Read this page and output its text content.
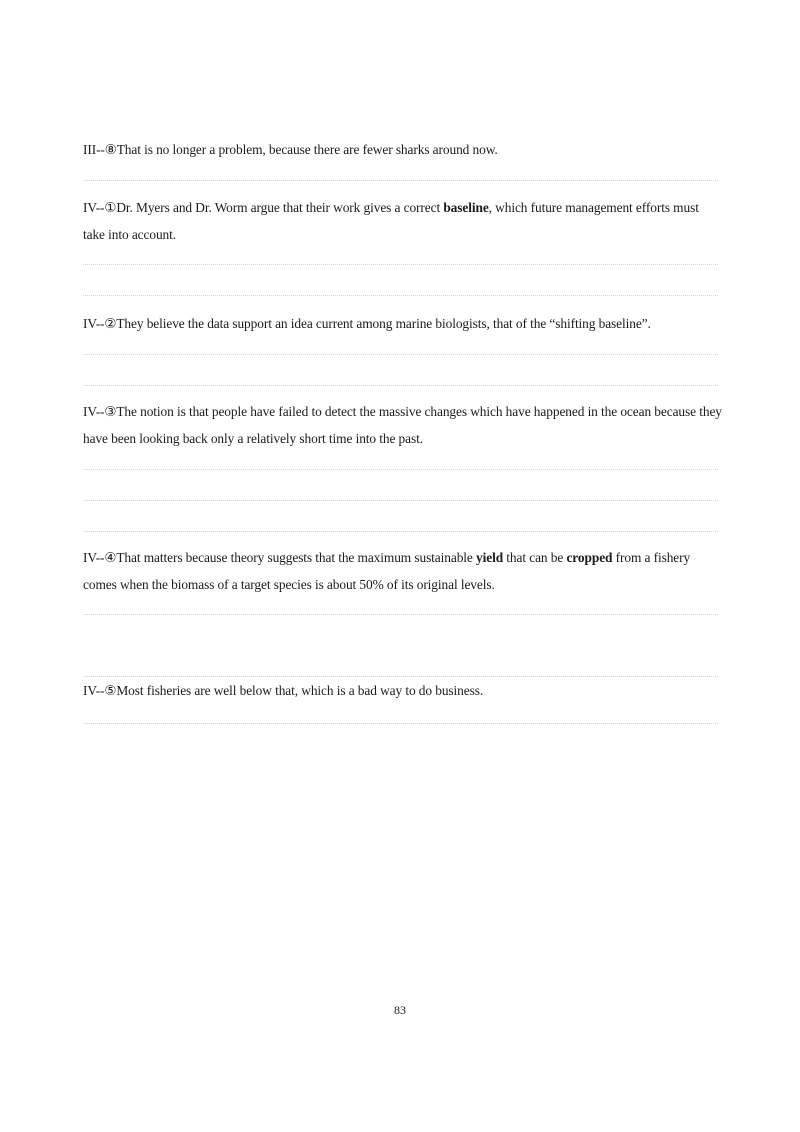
III--⑧That is no longer a problem, because there are fewer sharks around now.

IV--①Dr. Myers and Dr. Worm argue that their work gives a correct baseline, which future management efforts must take into account.

IV--②They believe the data support an idea current among marine biologists, that of the “shifting baseline”.

IV--③The notion is that people have failed to detect the massive changes which have happened in the ocean because they have been looking back only a relatively short time into the past.

IV--④That matters because theory suggests that the maximum sustainable yield that can be cropped from a fishery comes when the biomass of a target species is about 50% of its original levels.

IV--⑤Most fisheries are well below that, which is a bad way to do business.

83
